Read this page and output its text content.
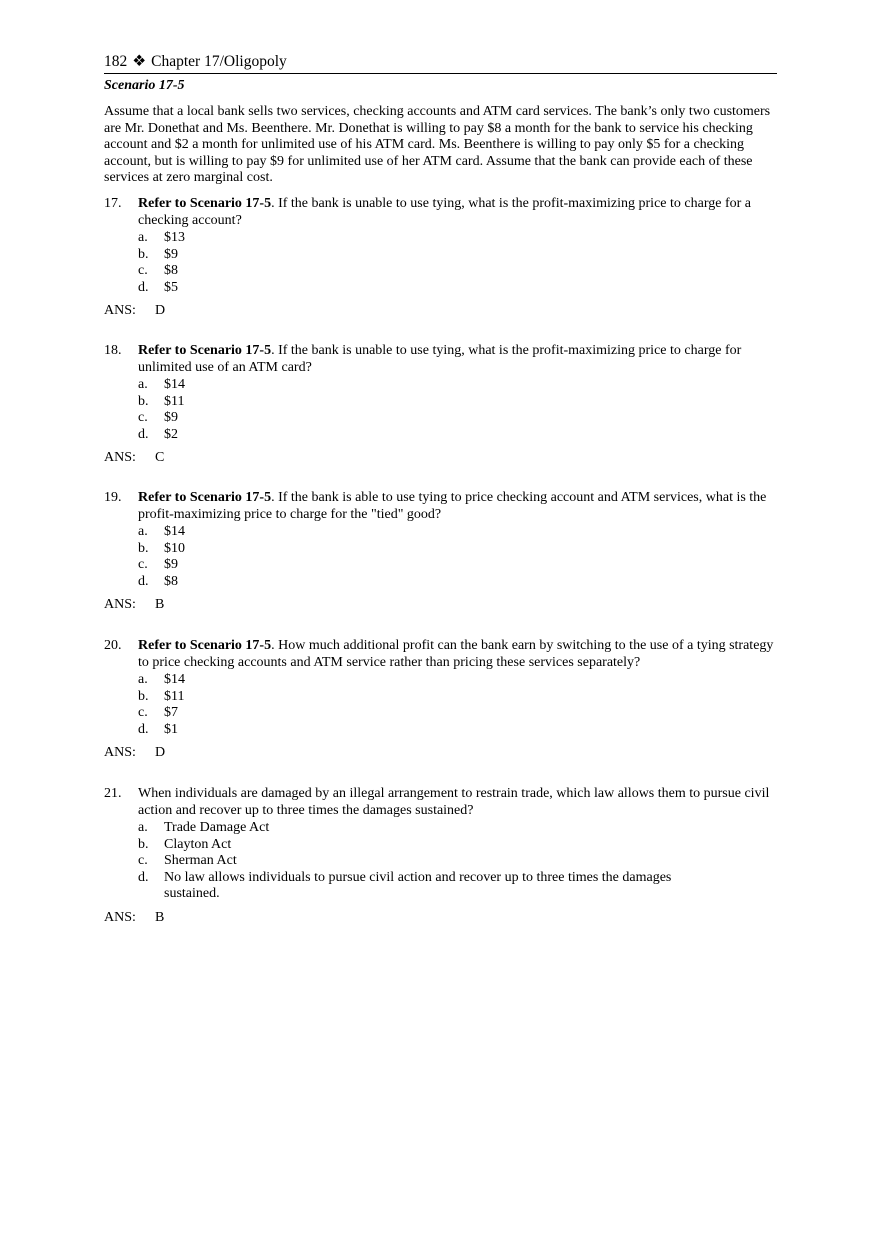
182 ❖ Chapter 17/Oligopoly
Scenario 17-5

Assume that a local bank sells two services, checking accounts and ATM card services. The bank’s only two customers are Mr. Donethat and Ms. Beenthere. Mr. Donethat is willing to pay $8 a month for the bank to service his checking account and $2 a month for unlimited use of his ATM card. Ms. Beenthere is willing to pay only $5 for a checking account, but is willing to pay $9 for unlimited use of her ATM card. Assume that the bank can provide each of these services at zero marginal cost.

17.	Refer to Scenario 17-5. If the bank is unable to use tying, what is the profit-maximizing price to charge for a checking account?
a.	$13
b.	$9
c.	$8
d.	$5
ANS: D
18.	Refer to Scenario 17-5. If the bank is unable to use tying, what is the profit-maximizing price to charge for unlimited use of an ATM card?
a.	$14
b.	$11
c.	$9
d.	$2
ANS: C
19.	Refer to Scenario 17-5. If the bank is able to use tying to price checking account and ATM services, what is the profit-maximizing price to charge for the "tied" good?
a.	$14
b.	$10
c.	$9
d.	$8
ANS: B
20.	Refer to Scenario 17-5. How much additional profit can the bank earn by switching to the use of a tying strategy to price checking accounts and ATM service rather than pricing these services separately?
a.	$14
b.	$11
c.	$7
d.	$1
ANS: D
21.	When individuals are damaged by an illegal arrangement to restrain trade, which law allows them to pursue civil action and recover up to three times the damages sustained?
a.	Trade Damage Act
b.	Clayton Act
c.	Sherman Act
d.	No law allows individuals to pursue civil action and recover up to three times the damages sustained.
ANS: B
